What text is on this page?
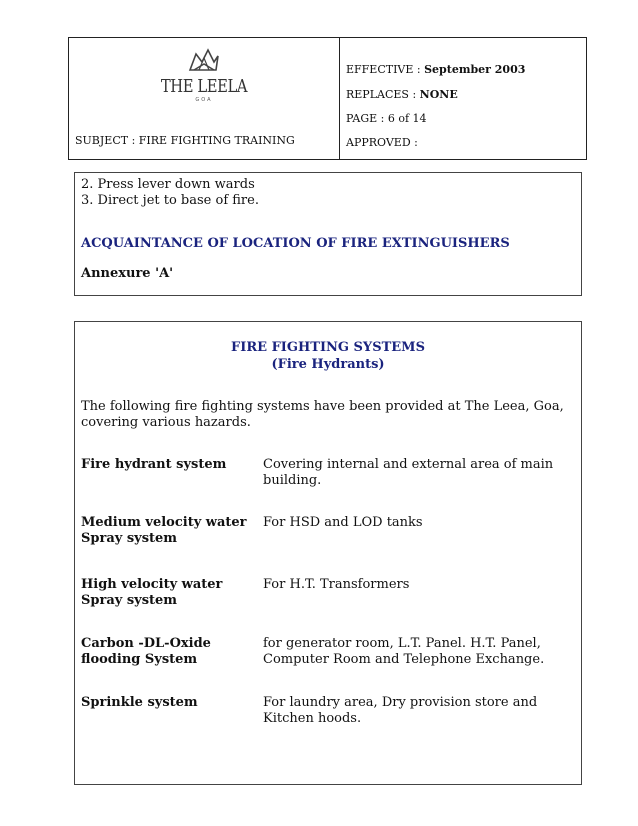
THE LEELA
GOA
SUBJECT : FIRE FIGHTING TRAINING
EFFECTIVE : September 2003
REPLACES : NONE
PAGE : 6 of 14
APPROVED :
2. Press lever down wards
3. Direct jet to base of fire.
ACQUAINTANCE OF LOCATION OF FIRE EXTINGUISHERS
Annexure 'A'
FIRE FIGHTING SYSTEMS
(Fire Hydrants)
The following fire fighting systems have been provided at The Leea, Goa, covering various hazards.
Fire hydrant system	Covering internal and external area of main building.
Medium velocity water Spray system
For HSD and LOD tanks
High velocity water Spray system
For H.T. Transformers
Carbon -DL-Oxide flooding System
for generator room, L.T. Panel. H.T. Panel, Computer Room and Telephone Exchange.
Sprinkle system	For laundry area, Dry provision store and Kitchen hoods.
